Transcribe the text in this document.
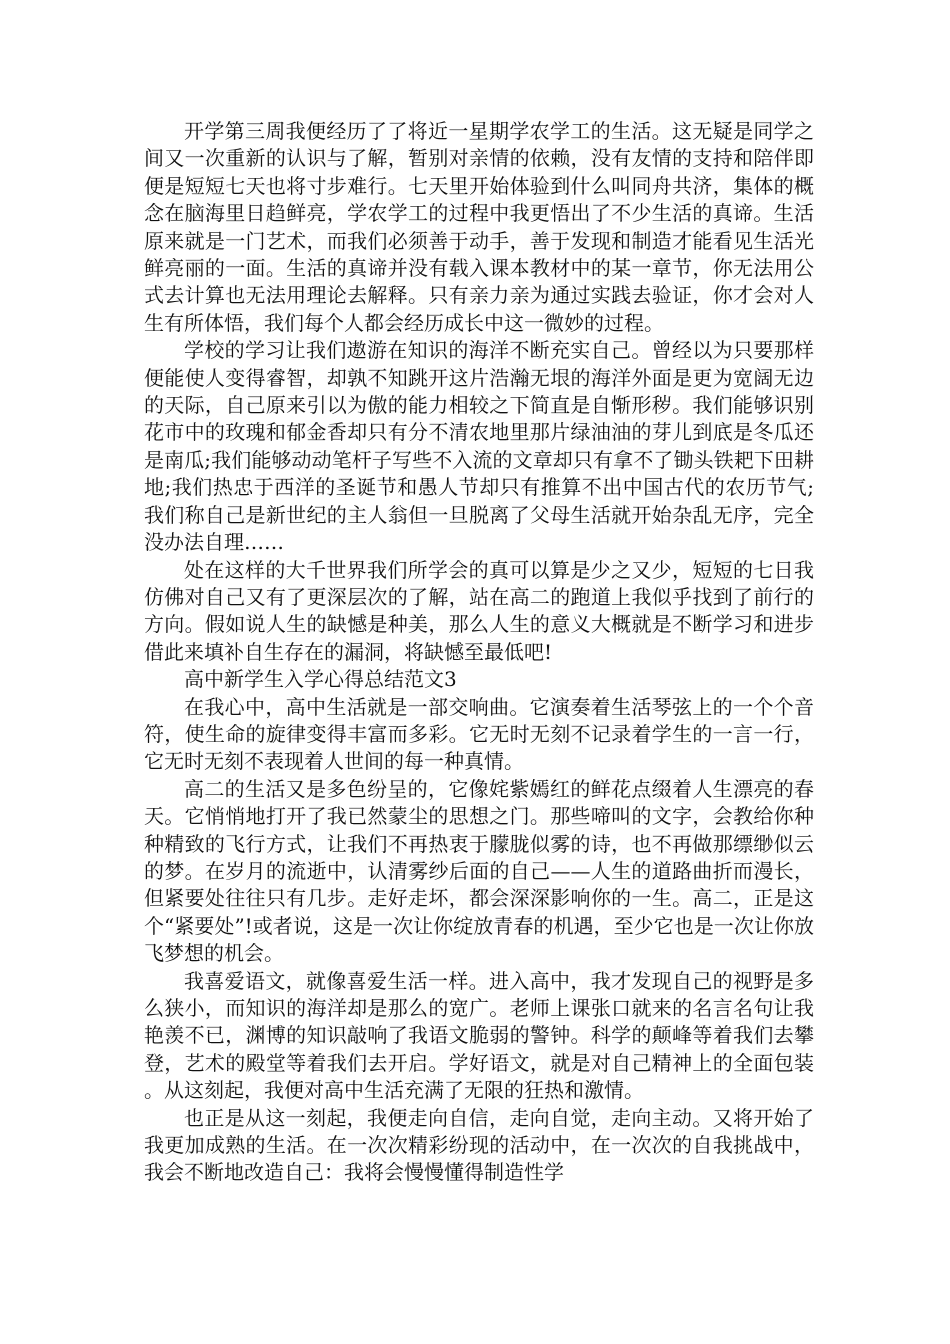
开学第三周我便经历了了将近一星期学农学工的生活。这无疑是同学之间又一次重新的认识与了解，暂别对亲情的依赖，没有友情的支持和陪伴即便是短短七天也将寸步难行。七天里开始体验到什么叫同舟共济，集体的概念在脑海里日趋鲜亮，学农学工的过程中我更悟出了不少生活的真谛。生活原来就是一门艺术，而我们必须善于动手，善于发现和制造才能看见生活光鲜亮丽的一面。生活的真谛并没有载入课本教材中的某一章节，你无法用公式去计算也无法用理论去解释。只有亲力亲为通过实践去验证，你才会对人生有所体悟，我们每个人都会经历成长中这一微妙的过程。

学校的学习让我们遨游在知识的海洋不断充实自己。曾经以为只要那样便能使人变得睿智，却孰不知跳开这片浩瀚无垠的海洋外面是更为宽阔无边的天际，自己原来引以为傲的能力相较之下简直是自惭形秽。我们能够识别花市中的玫瑰和郁金香却只有分不清农地里那片绿油油的芽儿到底是冬瓜还是南瓜;我们能够动动笔杆子写些不入流的文章却只有拿不了锄头铁耙下田耕地;我们热忠于西洋的圣诞节和愚人节却只有推算不出中国古代的农历节气;我们称自己是新世纪的主人翁但一旦脱离了父母生活就开始杂乱无序，完全没办法自理……

处在这样的大千世界我们所学会的真可以算是少之又少，短短的七日我仿佛对自己又有了更深层次的了解，站在高二的跑道上我似乎找到了前行的方向。假如说人生的缺憾是种美，那么人生的意义大概就是不断学习和进步借此来填补自生存在的漏洞，将缺憾至最低吧!

高中新学生入学心得总结范文3

在我心中，高中生活就是一部交响曲。它演奏着生活琴弦上的一个个音符，使生命的旋律变得丰富而多彩。它无时无刻不记录着学生的一言一行，它无时无刻不表现着人世间的每一种真情。

高二的生活又是多色纷呈的，它像姹紫嫣红的鲜花点缀着人生漂亮的春天。它悄悄地打开了我已然蒙尘的思想之门。那些啼叫的文字，会教给你种种精致的飞行方式，让我们不再热衷于朦胧似雾的诗，也不再做那缥缈似云的梦。在岁月的流逝中，认清雾纱后面的自己——人生的道路曲折而漫长，但紧要处往往只有几步。走好走坏，都会深深影响你的一生。高二，正是这个“紧要处”!或者说，这是一次让你绽放青春的机遇，至少它也是一次让你放飞梦想的机会。

我喜爱语文，就像喜爱生活一样。进入高中，我才发现自己的视野是多么狭小，而知识的海洋却是那么的宽广。老师上课张口就来的名言名句让我艳羡不已，渊博的知识敲响了我语文脆弱的警钟。科学的颠峰等着我们去攀登，艺术的殿堂等着我们去开启。学好语文，就是对自己精神上的全面包装。从这刻起，我便对高中生活充满了无限的狂热和激情。

也正是从这一刻起，我便走向自信，走向自觉，走向主动。又将开始了我更加成熟的生活。在一次次精彩纷现的活动中，在一次次的自我挑战中，我会不断地改造自己：我将会慢慢懂得制造性学
